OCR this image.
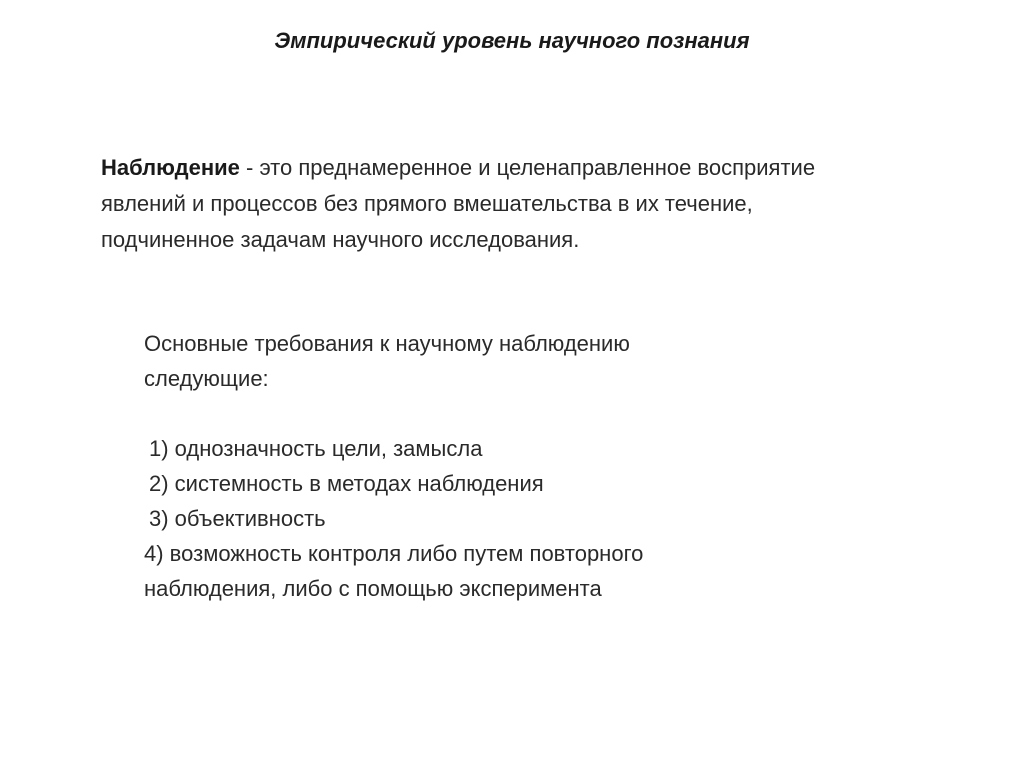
Эмпирический уровень научного познания
Наблюдение - это преднамеренное и целенаправленное восприятие
явлений и процессов без прямого вмешательства в их течение,
подчиненное задачам научного исследования.
Основные требования к научному наблюдению
следующие:
1) однозначность цели, замысла
2) системность в методах наблюдения
3) объективность
4) возможность контроля либо путем повторного
наблюдения, либо с помощью эксперимента
